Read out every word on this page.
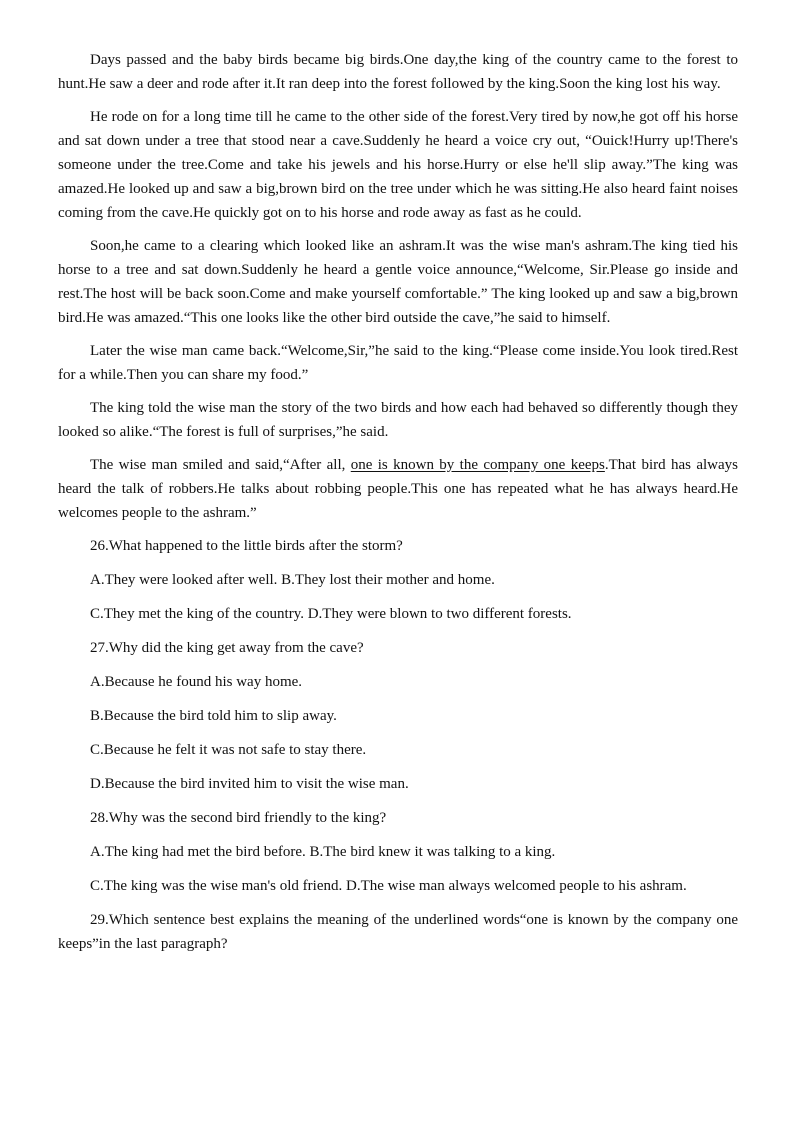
Days passed and the baby birds became big birds.One day,the king of the country came to the forest to hunt.He saw a deer and rode after it.It ran deep into the forest followed by the king.Soon the king lost his way.

He rode on for a long time till he came to the other side of the forest.Very tired by now,he got off his horse and sat down under a tree that stood near a cave.Suddenly he heard a voice cry out, “Ouick!Hurry up!There's someone under the tree.Come and take his jewels and his horse.Hurry or else he'll slip away.”The king was amazed.He looked up and saw a big,brown bird on the tree under which he was sitting.He also heard faint noises coming from the cave.He quickly got on to his horse and rode away as fast as he could.

Soon,he came to a clearing which looked like an ashram.It was the wise man's ashram.The king tied his horse to a tree and sat down.Suddenly he heard a gentle voice announce,“Welcome, Sir.Please go inside and rest.The host will be back soon.Come and make yourself comfortable.” The king looked up and saw a big,brown bird.He was amazed.“This one looks like the other bird outside the cave,”he said to himself.

Later the wise man came back.“Welcome,Sir,”he said to the king.“Please come inside.You look tired.Rest for a while.Then you can share my food.”

The king told the wise man the story of the two birds and how each had behaved so differently though they looked so alike.“The forest is full of surprises,”he said.

The wise man smiled and said,“After all, one is known by the company one keeps.That bird has always heard the talk of robbers.He talks about robbing people.This one has repeated what he has always heard.He welcomes people to the ashram.”

26.What happened to the little birds after the storm?

A.They were looked after well. B.They lost their mother and home.

C.They met the king of the country. D.They were blown to two different forests.

27.Why did the king get away from the cave?

A.Because he found his way home.

B.Because the bird told him to slip away.

C.Because he felt it was not safe to stay there.

D.Because the bird invited him to visit the wise man.

28.Why was the second bird friendly to the king?

A.The king had met the bird before. B.The bird knew it was talking to a king.

C.The king was the wise man's old friend. D.The wise man always welcomed people to his ashram.

29.Which sentence best explains the meaning of the underlined words“one is known by the company one keeps”in the last paragraph?
